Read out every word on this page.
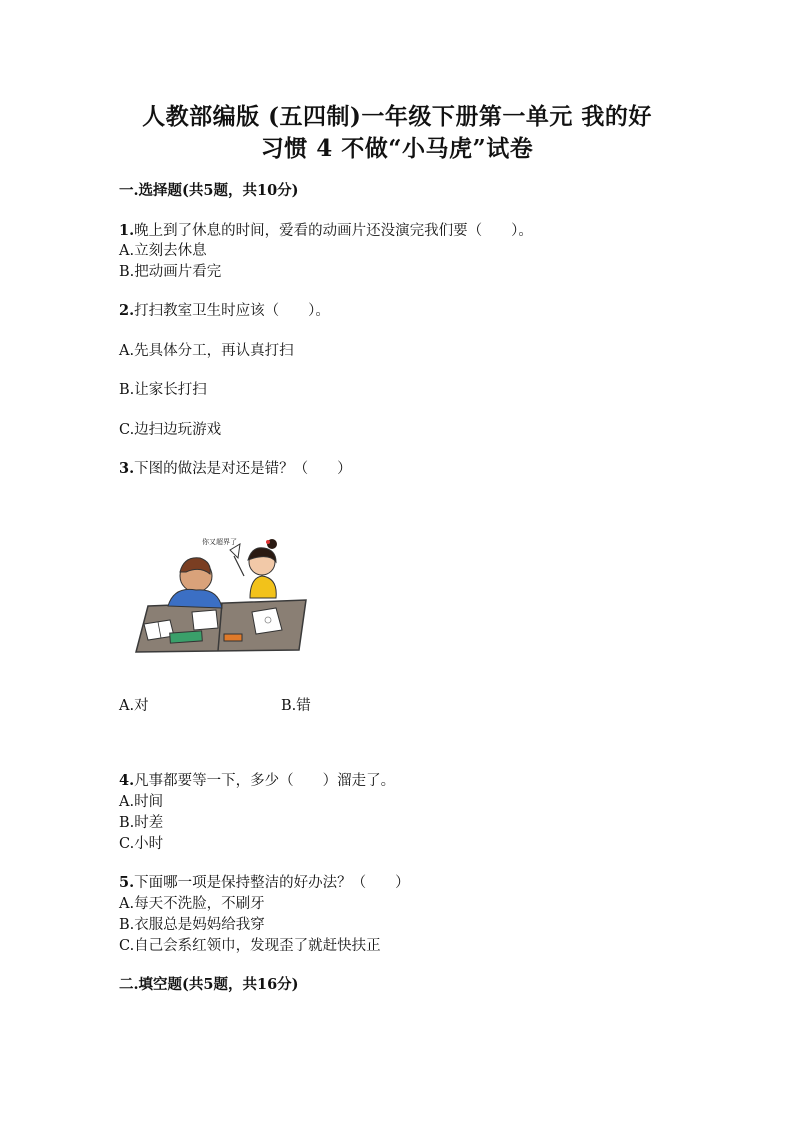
人教部编版 (五四制)一年级下册第一单元 我的好
习惯 4 不做“小马虎”试卷
一.选择题(共5题，共10分)
1.晚上到了休息的时间，爱看的动画片还没演完我们要（　　）。
A.立刻去休息
B.把动画片看完
2.打扫教室卫生时应该（　　）。
A.先具体分工，再认真打扫
B.让家长打扫
C.边扫边玩游戏
3.下图的做法是对还是错？（　　）
你又超界了
A.对	B.错
4.凡事都要等一下，多少（　　）溜走了。
A.时间
B.时差
C.小时
5.下面哪一项是保持整洁的好办法？（　　）
A.每天不洗脸，不刷牙
B.衣服总是妈妈给我穿
C.自己会系红领巾，发现歪了就赶快扶正
二.填空题(共5题，共16分)
